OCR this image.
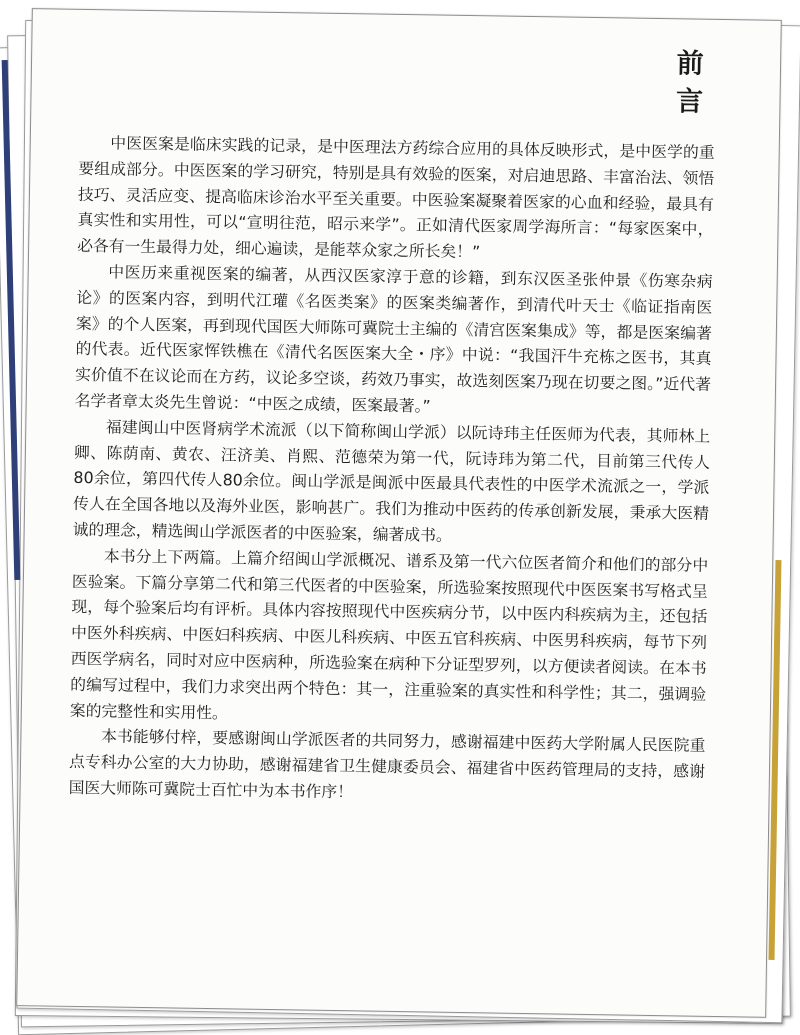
前言

中医医案是临床实践的记录，是中医理法方药综合应用的具体反映形式，是中医学的重要组成部分。中医医案的学习研究，特别是具有效验的医案，对启迪思路、丰富治法、领悟技巧、灵活应变、提高临床诊治水平至关重要。中医验案凝聚着医家的心血和经验，最具有真实性和实用性，可以“宣明往范，昭示来学”。正如清代医家周学海所言：“每家医案中，必各有一生最得力处，细心遍读，是能萃众家之所长矣！”

中医历来重视医案的编著，从西汉医家淳于意的诊籍，到东汉医圣张仲景《伤寒杂病论》的医案内容，到明代江瓘《名医类案》的医案类编著作，到清代叶天士《临证指南医案》的个人医案，再到现代国医大师陈可冀院士主编的《清宫医案集成》等，都是医案编著的代表。近代医家恽铁樵在《清代名医医案大全・序》中说：“我国汗牛充栋之医书，其真实价值不在议论而在方药，议论多空谈，药效乃事实，故选刻医案乃现在切要之图。”近代著名学者章太炎先生曾说：“中医之成绩，医案最著。”

福建闽山中医肾病学术流派（以下简称闽山学派）以阮诗玮主任医师为代表，其师林上卿、陈荫南、黄农、汪济美、肖熙、范德荣为第一代，阮诗玮为第二代，目前第三代传人80余位，第四代传人80余位。闽山学派是闽派中医最具代表性的中医学术流派之一，学派传人在全国各地以及海外业医，影响甚广。我们为推动中医药的传承创新发展，秉承大医精诚的理念，精选闽山学派医者的中医验案，编著成书。

本书分上下两篇。上篇介绍闽山学派概况、谱系及第一代六位医者简介和他们的部分中医验案。下篇分享第二代和第三代医者的中医验案，所选验案按照现代中医医案书写格式呈现，每个验案后均有评析。具体内容按照现代中医疾病分节，以中医内科疾病为主，还包括中医外科疾病、中医妇科疾病、中医儿科疾病、中医五官科疾病、中医男科疾病，每节下列西医学病名，同时对应中医病种，所选验案在病种下分证型罗列，以方便读者阅读。在本书的编写过程中，我们力求突出两个特色：其一，注重验案的真实性和科学性；其二，强调验案的完整性和实用性。

本书能够付梓，要感谢闽山学派医者的共同努力，感谢福建中医药大学附属人民医院重点专科办公室的大力协助，感谢福建省卫生健康委员会、福建省中医药管理局的支持，感谢国医大师陈可冀院士百忙中为本书作序！
